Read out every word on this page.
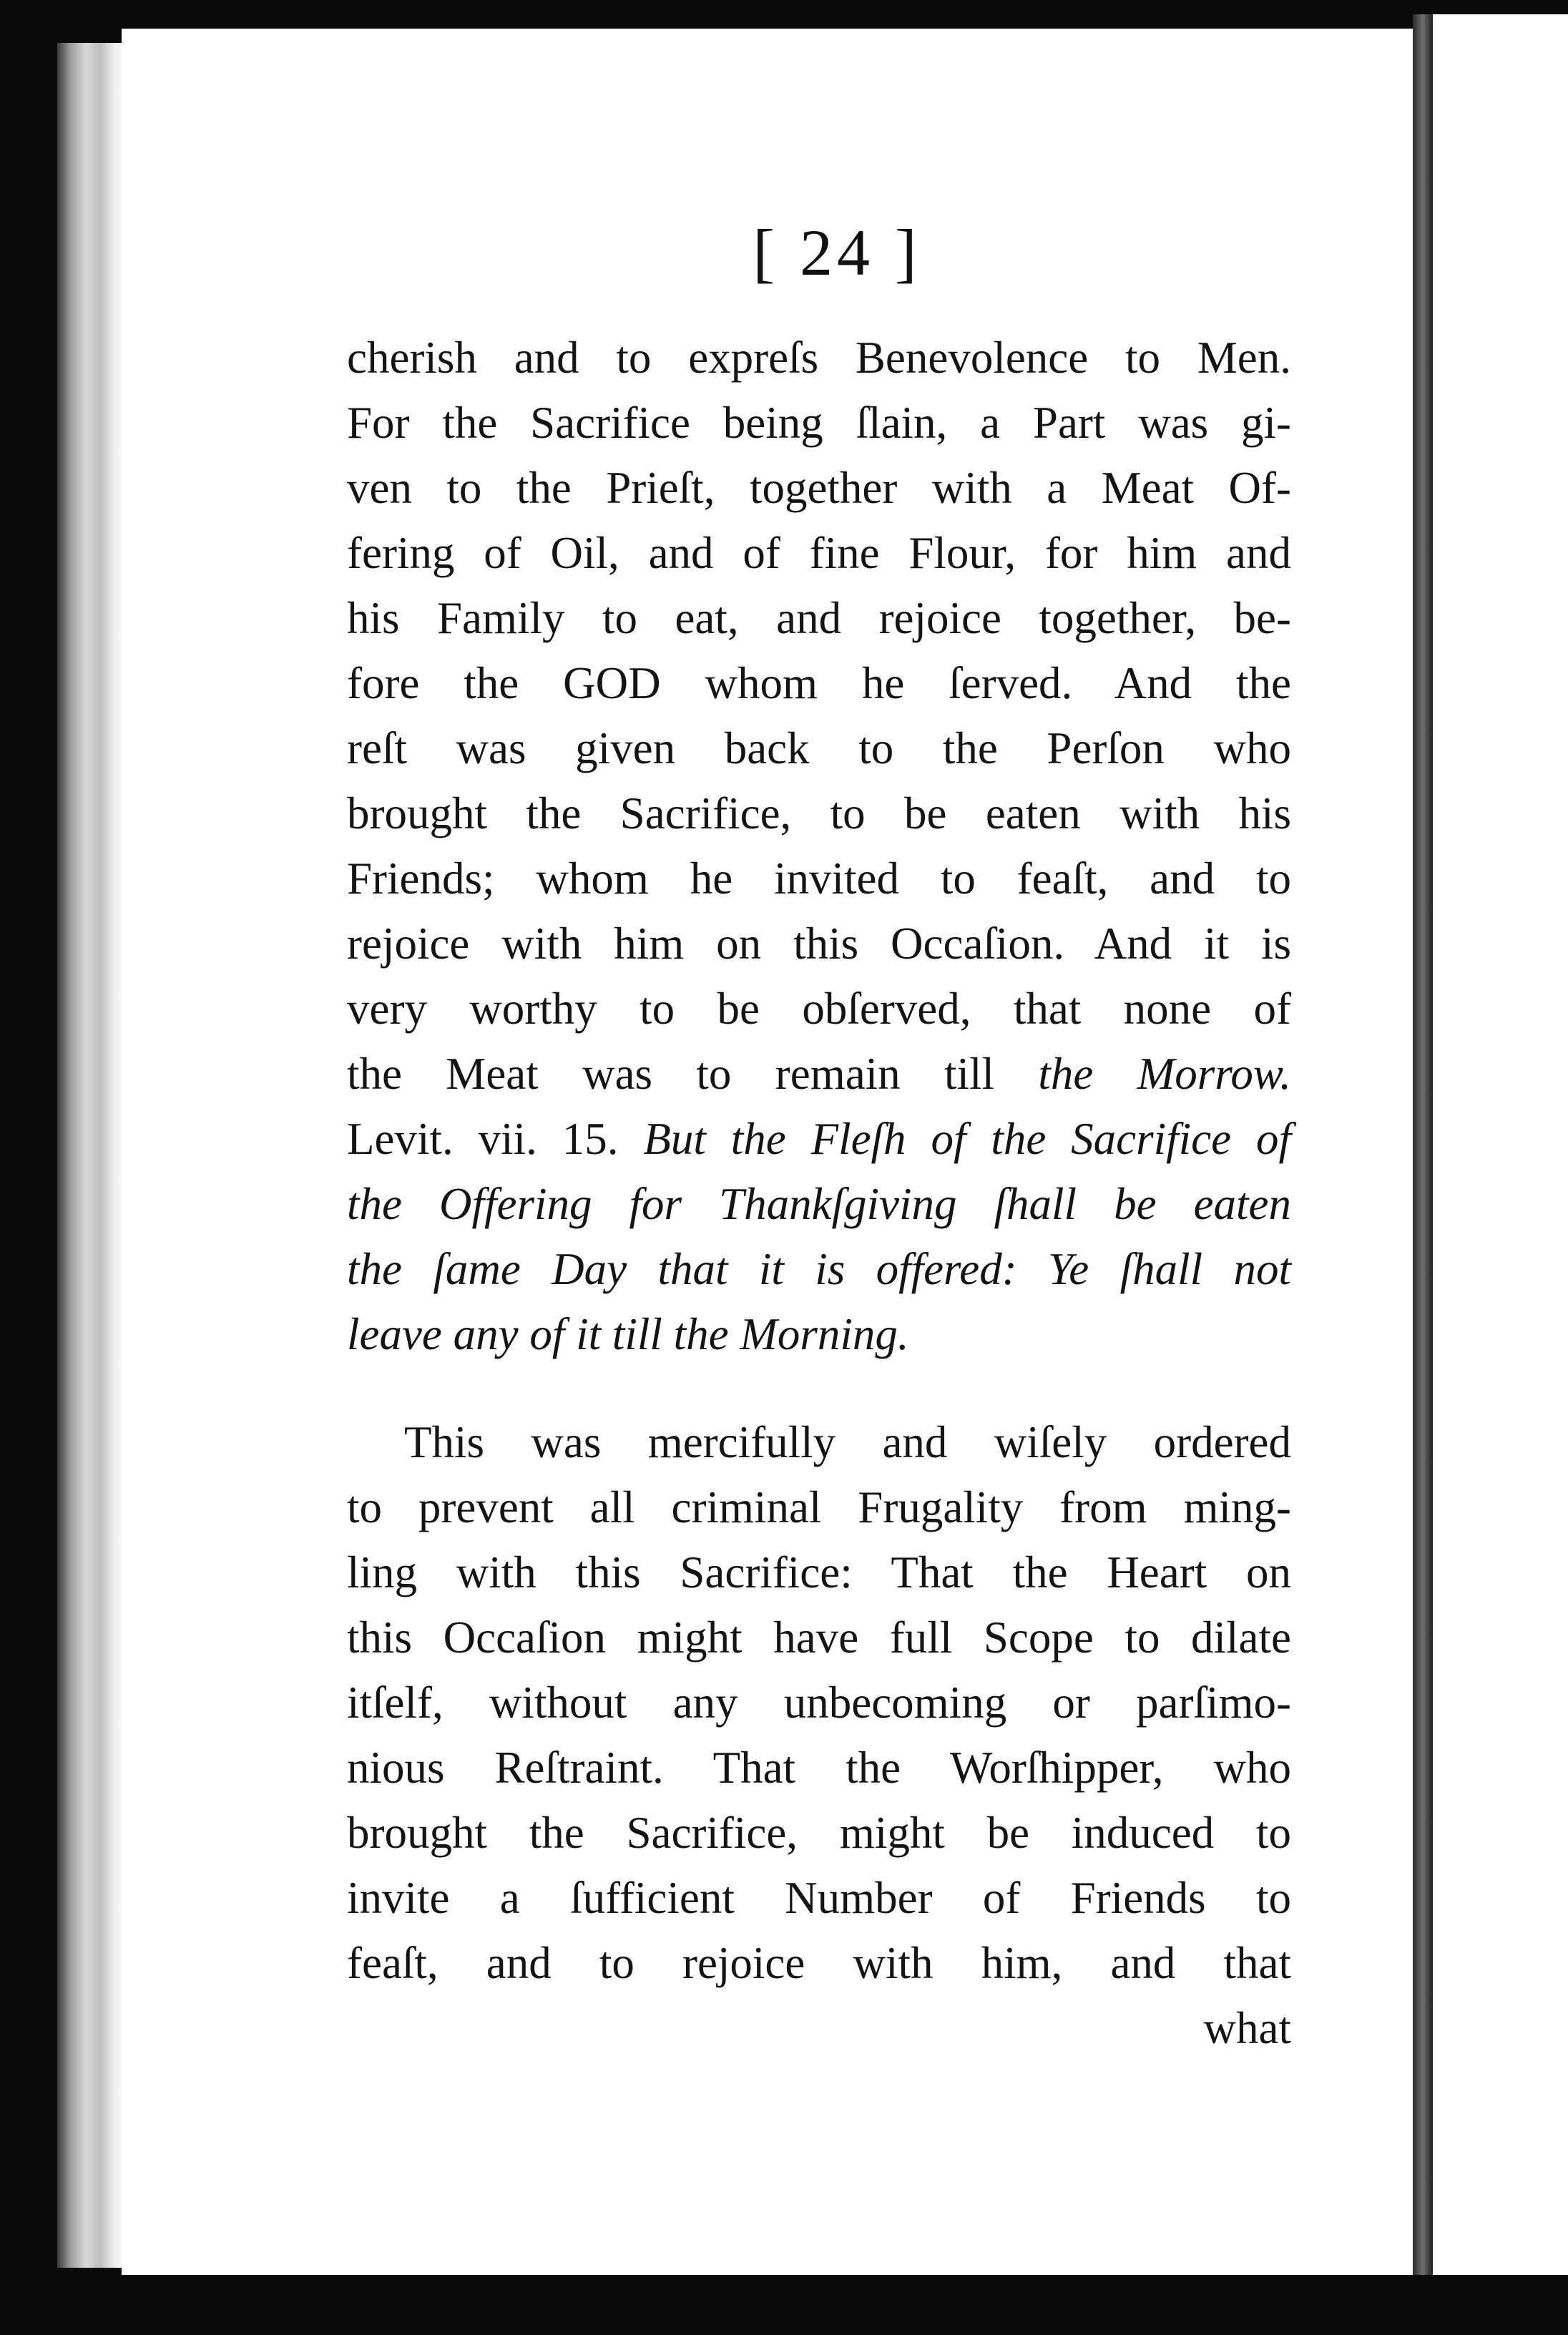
[ 24 ]
cherish and to expreſs Benevolence to Men.
For the Sacrifice being ſlain, a Part was gi-
ven to the Prieſt, together with a Meat Of-
fering of Oil, and of fine Flour, for him and
his Family to eat, and rejoice together, be-
fore the GOD whom he ſerved. And the
reſt was given back to the Perſon who
brought the Sacrifice, to be eaten with his
Friends; whom he invited to feaſt, and to
rejoice with him on this Occaſion. And it is
very worthy to be obſerved, that none of
the Meat was to remain till the Morrow.
Levit. vii. 15. But the Fleſh of the Sacrifice of
the Offering for Thankſgiving ſhall be eaten
the ſame Day that it is offered: Ye ſhall not
leave any of it till the Morning.
This was mercifully and wiſely ordered
to prevent all criminal Frugality from ming-
ling with this Sacrifice: That the Heart on
this Occaſion might have full Scope to dilate
itſelf, without any unbecoming or parſimo-
nious Reſtraint. That the Worſhipper, who
brought the Sacrifice, might be induced to
invite a ſufficient Number of Friends to
feaſt, and to rejoice with him, and that
what
